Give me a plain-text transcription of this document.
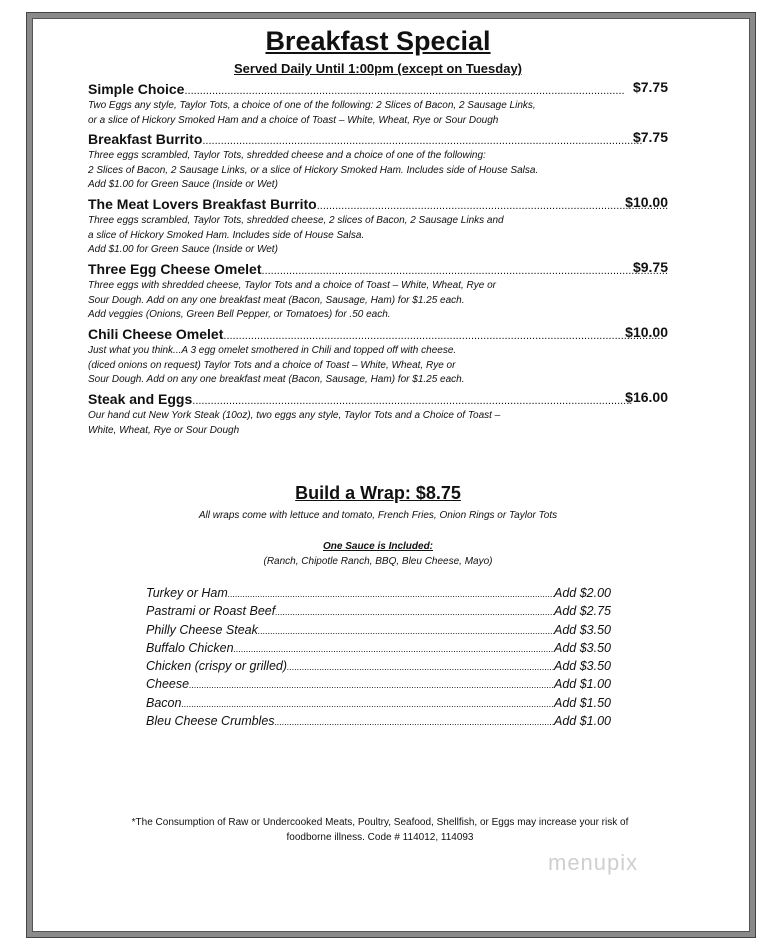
Breakfast Special
Served Daily Until 1:00pm (except on Tuesday)
Simple Choice .....	$7.75
Two Eggs any style, Taylor Tots, a choice of one of the following: 2 Slices of Bacon, 2 Sausage Links,
or a slice of Hickory Smoked Ham and a choice of Toast – White, Wheat, Rye or Sour Dough
Breakfast Burrito .....	$7.75
Three eggs scrambled, Taylor Tots, shredded cheese and a choice of one of the following:
2 Slices of Bacon, 2 Sausage Links, or a slice of Hickory Smoked Ham. Includes side of House Salsa.
Add $1.00 for Green Sauce (Inside or Wet)
The Meat Lovers Breakfast Burrito .....	$10.00
Three eggs scrambled, Taylor Tots, shredded cheese, 2 slices of Bacon, 2 Sausage Links and
a slice of Hickory Smoked Ham. Includes side of House Salsa.
Add $1.00 for Green Sauce (Inside or Wet)
Three Egg Cheese Omelet .....	$9.75
Three eggs with shredded cheese, Taylor Tots and a choice of Toast – White, Wheat, Rye or
Sour Dough. Add on any one breakfast meat (Bacon, Sausage, Ham) for $1.25 each.
Add veggies (Onions, Green Bell Pepper, or Tomatoes) for .50 each.
Chili Cheese Omelet .....	$10.00
Just what you think...A 3 egg omelet smothered in Chili and topped off with cheese.
(diced onions on request) Taylor Tots and a choice of Toast – White, Wheat, Rye or
Sour Dough. Add on any one breakfast meat (Bacon, Sausage, Ham) for $1.25 each.
Steak and Eggs .....	$16.00
Our hand cut New York Steak (10oz), two eggs any style, Taylor Tots and a Choice of Toast –
White, Wheat, Rye or Sour Dough
Build a Wrap: $8.75
All wraps come with lettuce and tomato, French Fries, Onion Rings or Taylor Tots
One Sauce is Included:
(Ranch, Chipotle Ranch, BBQ, Bleu Cheese, Mayo)
Turkey or Ham .....	Add $2.00
Pastrami or Roast Beef .....	Add $2.75
Philly Cheese Steak .....	Add $3.50
Buffalo Chicken .....	Add $3.50
Chicken (crispy or grilled) .....	Add $3.50
Cheese .....	Add $1.00
Bacon .....	Add $1.50
Bleu Cheese Crumbles .....	Add $1.00
*The Consumption of Raw or Undercooked Meats, Poultry, Seafood, Shellfish, or Eggs may increase your risk of
foodborne illness. Code # 114012, 114093
menupix
